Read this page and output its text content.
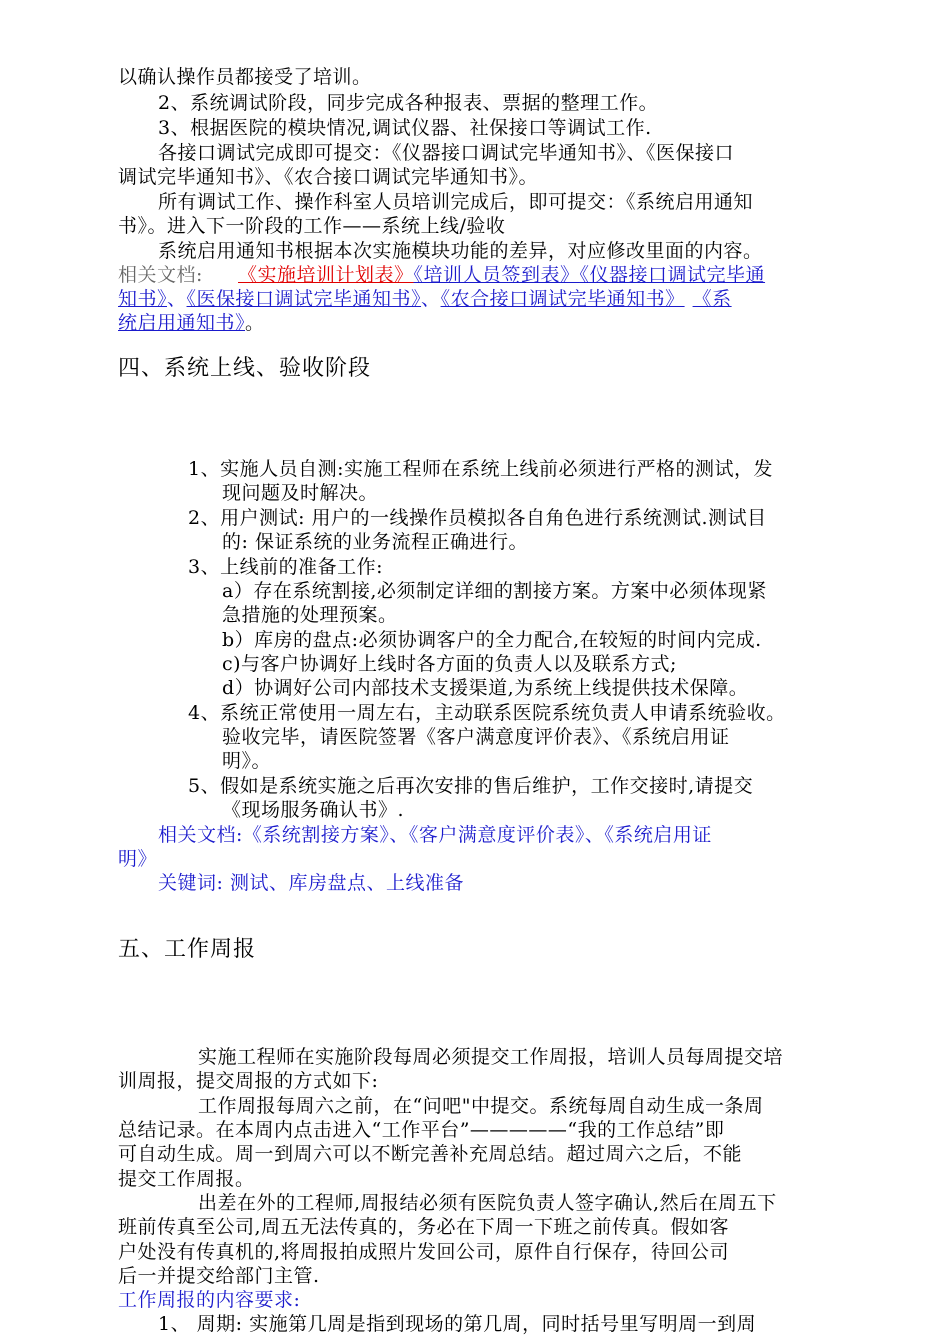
以确认操作员都接受了培训。
2、系统调试阶段，同步完成各种报表、票据的整理工作。
3、根据医院的模块情况,调试仪器、社保接口等调试工作.
各接口调试完成即可提交：《仪器接口调试完毕通知书》、《医保接口
调试完毕通知书》、《农合接口调试完毕通知书》。
所有调试工作、操作科室人员培训完成后，即可提交：《系统启用通知
书》。进入下一阶段的工作——系统上线/验收
系统启用通知书根据本次实施模块功能的差异，对应修改里面的内容。
相关文档: 《实施培训计划表》《培训人员签到表》《仪器接口调试完毕通
知书》、《医保接口调试完毕通知书》、《农合接口调试完毕通知书》 《系
统启用通知书》。
四、系统上线、验收阶段
1、实施人员自测:实施工程师在系统上线前必须进行严格的测试，发
现问题及时解决。
2、用户测试: 用户的一线操作员模拟各自角色进行系统测试.测试目
的: 保证系统的业务流程正确进行。
3、上线前的准备工作:
a）存在系统割接,必须制定详细的割接方案。方案中必须体现紧
急措施的处理预案。
b）库房的盘点:必须协调客户的全力配合,在较短的时间内完成.
c)与客户协调好上线时各方面的负责人以及联系方式;
d）协调好公司内部技术支援渠道,为系统上线提供技术保障。
4、系统正常使用一周左右，主动联系医院系统负责人申请系统验收。
验收完毕，请医院签署《客户满意度评价表》、《系统启用证
明》。
5、假如是系统实施之后再次安排的售后维护，工作交接时,请提交
《现场服务确认书》.
相关文档:《系统割接方案》、《客户满意度评价表》、《系统启用证
明》
关键词: 测试、库房盘点、上线准备
五、工作周报
实施工程师在实施阶段每周必须提交工作周报，培训人员每周提交培
训周报，提交周报的方式如下:
工作周报每周六之前，在“问吧"中提交。系统每周自动生成一条周
总结记录。在本周内点击进入“工作平台”—————“我的工作总结”即
可自动生成。周一到周六可以不断完善补充周总结。超过周六之后，不能
提交工作周报。
出差在外的工程师,周报结必须有医院负责人签字确认,然后在周五下
班前传真至公司,周五无法传真的，务必在下周一下班之前传真。假如客
户处没有传真机的,将周报拍成照片发回公司，原件自行保存，待回公司
后一并提交给部门主管.
工作周报的内容要求:
1、 周期: 实施第几周是指到现场的第几周，同时括号里写明周一到周
